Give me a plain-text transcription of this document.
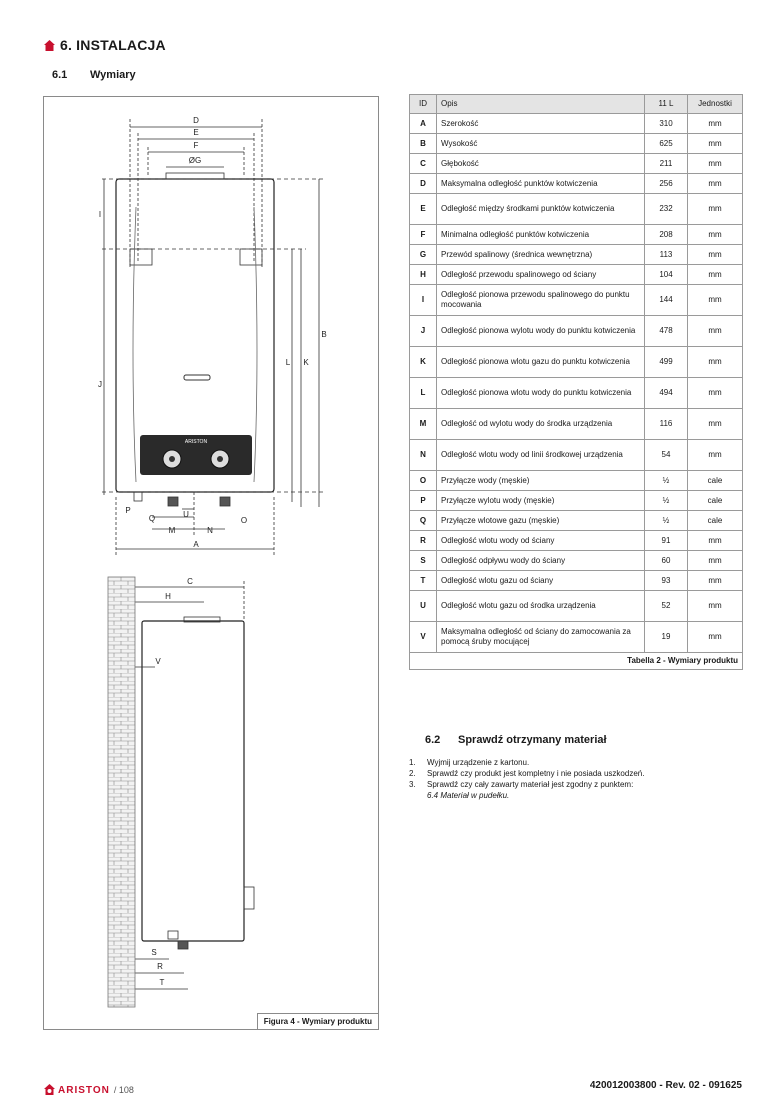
6. INSTALACJA
6.1 Wymiary
ARISTON
D
E
F
ØG
I
J
L K
B
P
Q	U
M	N
O
A
C
H
V
S
R
T
Figura 4 - Wymiary produktu
ID	Opis	11 L	Jednostki
A	Szerokość	310	mm
B	Wysokość	625	mm
C	Głębokość	211	mm
D	Maksymalna odległość punktów kotwiczenia	256	mm
E	Odległość między środkami punktów kotwiczenia	232	mm
F	Minimalna odległość punktów kotwiczenia	208	mm
G	Przewód spalinowy (średnica wewnętrzna)	113	mm
H	Odległość przewodu spalinowego od ściany	104	mm
I	Odległość pionowa przewodu spalinowego do punktu mocowania	144	mm
J	Odległość pionowa wylotu wody do punktu kotwiczenia	478	mm
K	Odległość pionowa wlotu gazu do punktu kotwiczenia	499	mm
L	Odległość pionowa wlotu wody do punktu kotwiczenia	494	mm
M	Odległość od wylotu wody do środka urządzenia	116	mm
N	Odległość wlotu wody od linii środkowej urządzenia	54	mm
O	Przyłącze wody (męskie)	½	cale
P	Przyłącze wylotu wody (męskie)	½	cale
Q	Przyłącze wlotowe gazu (męskie)	½	cale
R	Odległość wlotu wody od ściany	91	mm
S	Odległość odpływu wody do ściany	60	mm
T	Odległość wlotu gazu od ściany	93	mm
U	Odległość wlotu gazu od środka urządzenia	52	mm
V	Maksymalna odległość od ściany do zamocowania za pomocą śruby mocującej	19	mm
Tabella 2 - Wymiary produktu			
6.2 Sprawdź otrzymany materiał
1. Wyjmij urządzenie z kartonu.
2. Sprawdź czy produkt jest kompletny i nie posiada uszkodzeń.
3. Sprawdź czy cały zawarty materiał jest zgodny z punktem:
6.4 Materiał w pudełku.
ARISTON / 108	420012003800 - Rev. 02 - 091625
